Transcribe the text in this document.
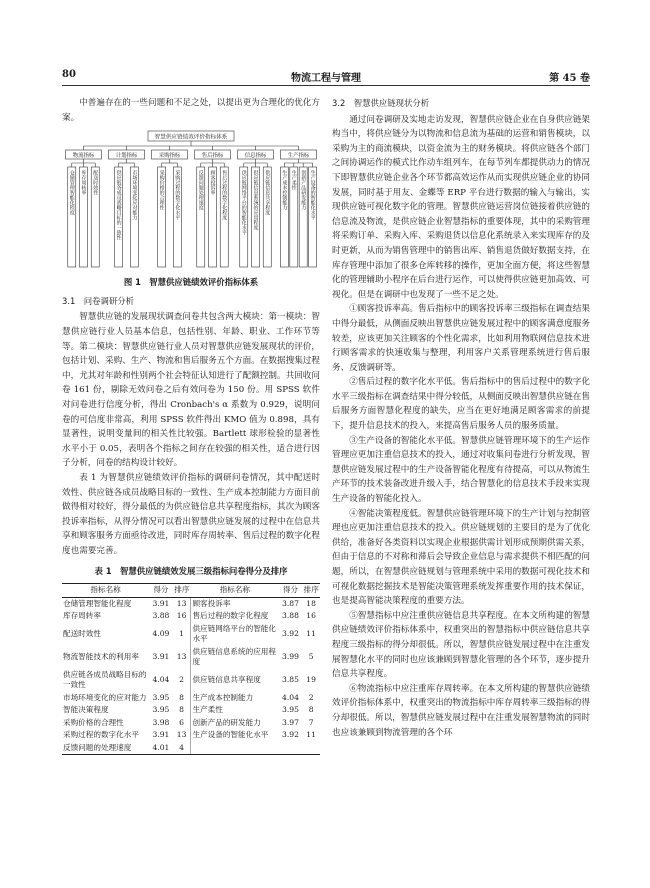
80	物流工程与管理	第 45 卷

中普遍存在的一些问题和不足之处，以提出更为合理化的优化方案。

智慧供应链绩效评价指标体系
物流指标
仓储管理智能化程度 库存周转率 配送时效性
计划指标
供应链各成员战略目标的一致性 市场环境变化应对能力
采购指标
采购价格的合理性 采购过程的数字化水平
售后指标
反馈问题处理速度 顾客投诉率 售后过程的数字化程度
信息指标
供应链网络平台的智能化水平 供应链信息系统的应用程度 供应链信息共享程度
生产指标
生产成本控制能力 生产柔性 创新产品研发能力 生产设备的智能化水平
图 1　智慧供应链绩效评价指标体系
3.1　问卷调研分析

智慧供应链的发展现状调查问卷共包含两大模块：第一模块：智慧供应链行业人员基本信息，包括性别、年龄、职业、工作环节等等。第二模块：智慧供应链行业人员对智慧供应链发展现状的评价，包括计划、采购、生产、物流和售后服务五个方面。在数据搜集过程中，尤其对年龄和性别两个社会特征认知进行了配额控制。共回收问卷 161 份，剔除无效问卷之后有效问卷为 150 份。用 SPSS 软件对问卷进行信度分析，得出 Cronbach's α 系数为 0.929，说明问卷的可信度非常高，利用 SPSS 软件得出 KMO 值为 0.898，具有显著性，说明变量间的相关性比较强。Bartlett 球形检验的显著性水平小于 0.05，表明各个指标之间存在较强的相关性，适合进行因子分析，问卷的结构设计较好。

表 1 为智慧供应链绩效评价指标的调研问卷情况，其中配送时效性、供应链各成员战略目标的一致性、生产成本控制能力方面目前做得相对较好，得分最低的为供应链信息共享程度指标，其次为顾客投诉率指标，从得分情况可以看出智慧供应链发展的过程中在信息共享和顾客服务方面亟待改进，同时库存周转率、售后过程的数字化程度也需要完善。

表 1　智慧供应链绩效发展三级指标问卷得分及排序
指标名称	得分	排序	指标名称	得分	排序
仓储管理智能化程度	3.91	13	顾客投诉率	3.87	18
库存周转率	3.88	16	售后过程的数字化程度	3.88	16
配送时效性	4.09	1	供应链网络平台的智能化水平	3.92	11
物流智能技术的利用率	3.91	13	供应链信息系统的应用程度	3.99	5
供应链各成员战略目标的一致性	4.04	2	供应链信息共享程度	3.85	19
市场环境变化的应对能力	3.95	8	生产成本控制能力	4.04	2
智能决策程度	3.95	8	生产柔性	3.95	8
采购价格的合理性	3.98	6	创新产品的研发能力	3.97	7
采购过程的数字化水平	3.91	13	生产设备的智能化水平	3.92	11
反馈问题的处理速度	4.01	4			
3.2　智慧供应链现状分析

通过问卷调研及实地走访发现，智慧供应链企业在自身供应链架构当中，将供应链分为以物流和信息流为基础的运营和销售模块，以采购为主的商流模块，以资金流为主的财务模块。将供应链各个部门之间协调运作的模式比作动车组列车，在每节列车都提供动力的情况下即智慧供应链企业各个环节都高效运作从而实现供应链企业的协同发展，同时基于用友、金蝶等 ERP 平台进行数据的输入与输出，实现供应链可视化数字化的管理。智慧供应链运营岗位链接着供应链的信息流及物流，是供应链企业智慧指标的重要体现，其中的采购管理将采购订单、采购入库、采购退货以信息化系统录入来实现库存的及时更新，从而为销售管理中的销售出库、销售退货做好数据支持，在库存管理中添加了很多仓库转移的操作，更加全面方便，将这些智慧化的管理辅助小程序在后台进行运作，可以使得供应链更加高效、可视化。但是在调研中也发现了一些不足之处。

①顾客投诉率高。售后指标中的顾客投诉率三级指标在调查结果中得分最低，从侧面反映出智慧供应链发展过程中的顾客满意度服务较差，应该更加关注顾客的个性化需求，比如利用物联网信息技术进行顾客需求的快速收集与整理，利用客户关系管理系统进行售后服务、反馈调研等。

②售后过程的数字化水平低。售后指标中的售后过程中的数字化水平三级指标在调查结果中得分较低，从侧面反映出智慧供应链在售后服务方面智慧化程度的缺失，应当在更好地满足顾客需求的前提下，提升信息技术的投入，来提高售后服务人员的服务质量。

③生产设备的智能化水平低。智慧供应链管理环境下的生产运作管理应更加注重信息技术的投入，通过对收集问卷进行分析发现，智慧供应链发展过程中的生产设备智能化程度有待提高，可以从物流生产环节的技术装备改进升级入手，结合智慧化的信息技术手段来实现生产设备的智能化投入。

④智能决策程度低。智慧供应链管理环境下的生产计划与控制管理也应更加注重信息技术的投入。供应链规划的主要目的是为了优化供给，准备好各类资料以实现企业根据供需计划形成预期供需关系，但由于信息的不对称和滞后会导致企业信息与需求提供不相匹配的问题，所以，在智慧供应链规划与管理系统中采用的数据可视化技术和可视化数据挖掘技术是智能决策管理系统发挥重要作用的技术保证，也是提高智能决策程度的重要方法。

⑤智慧指标中应注重供应链信息共享程度。在本文所构建的智慧供应链绩效评价指标体系中，权重突出的智慧指标中供应链信息共享程度三级指标的得分却很低。所以，智慧供应链发展过程中在注重发展智慧化水平的同时也应该兼顾到智慧化管理的各个环节，逐步提升信息共享程度。

⑥物流指标中应注重库存周转率。在本文所构建的智慧供应链绩效评价指标体系中，权重突出的物流指标中库存周转率三级指标的得分却很低。所以，智慧供应链发展过程中在注重发展智慧物流的同时也应该兼顾到物流管理的各个环
